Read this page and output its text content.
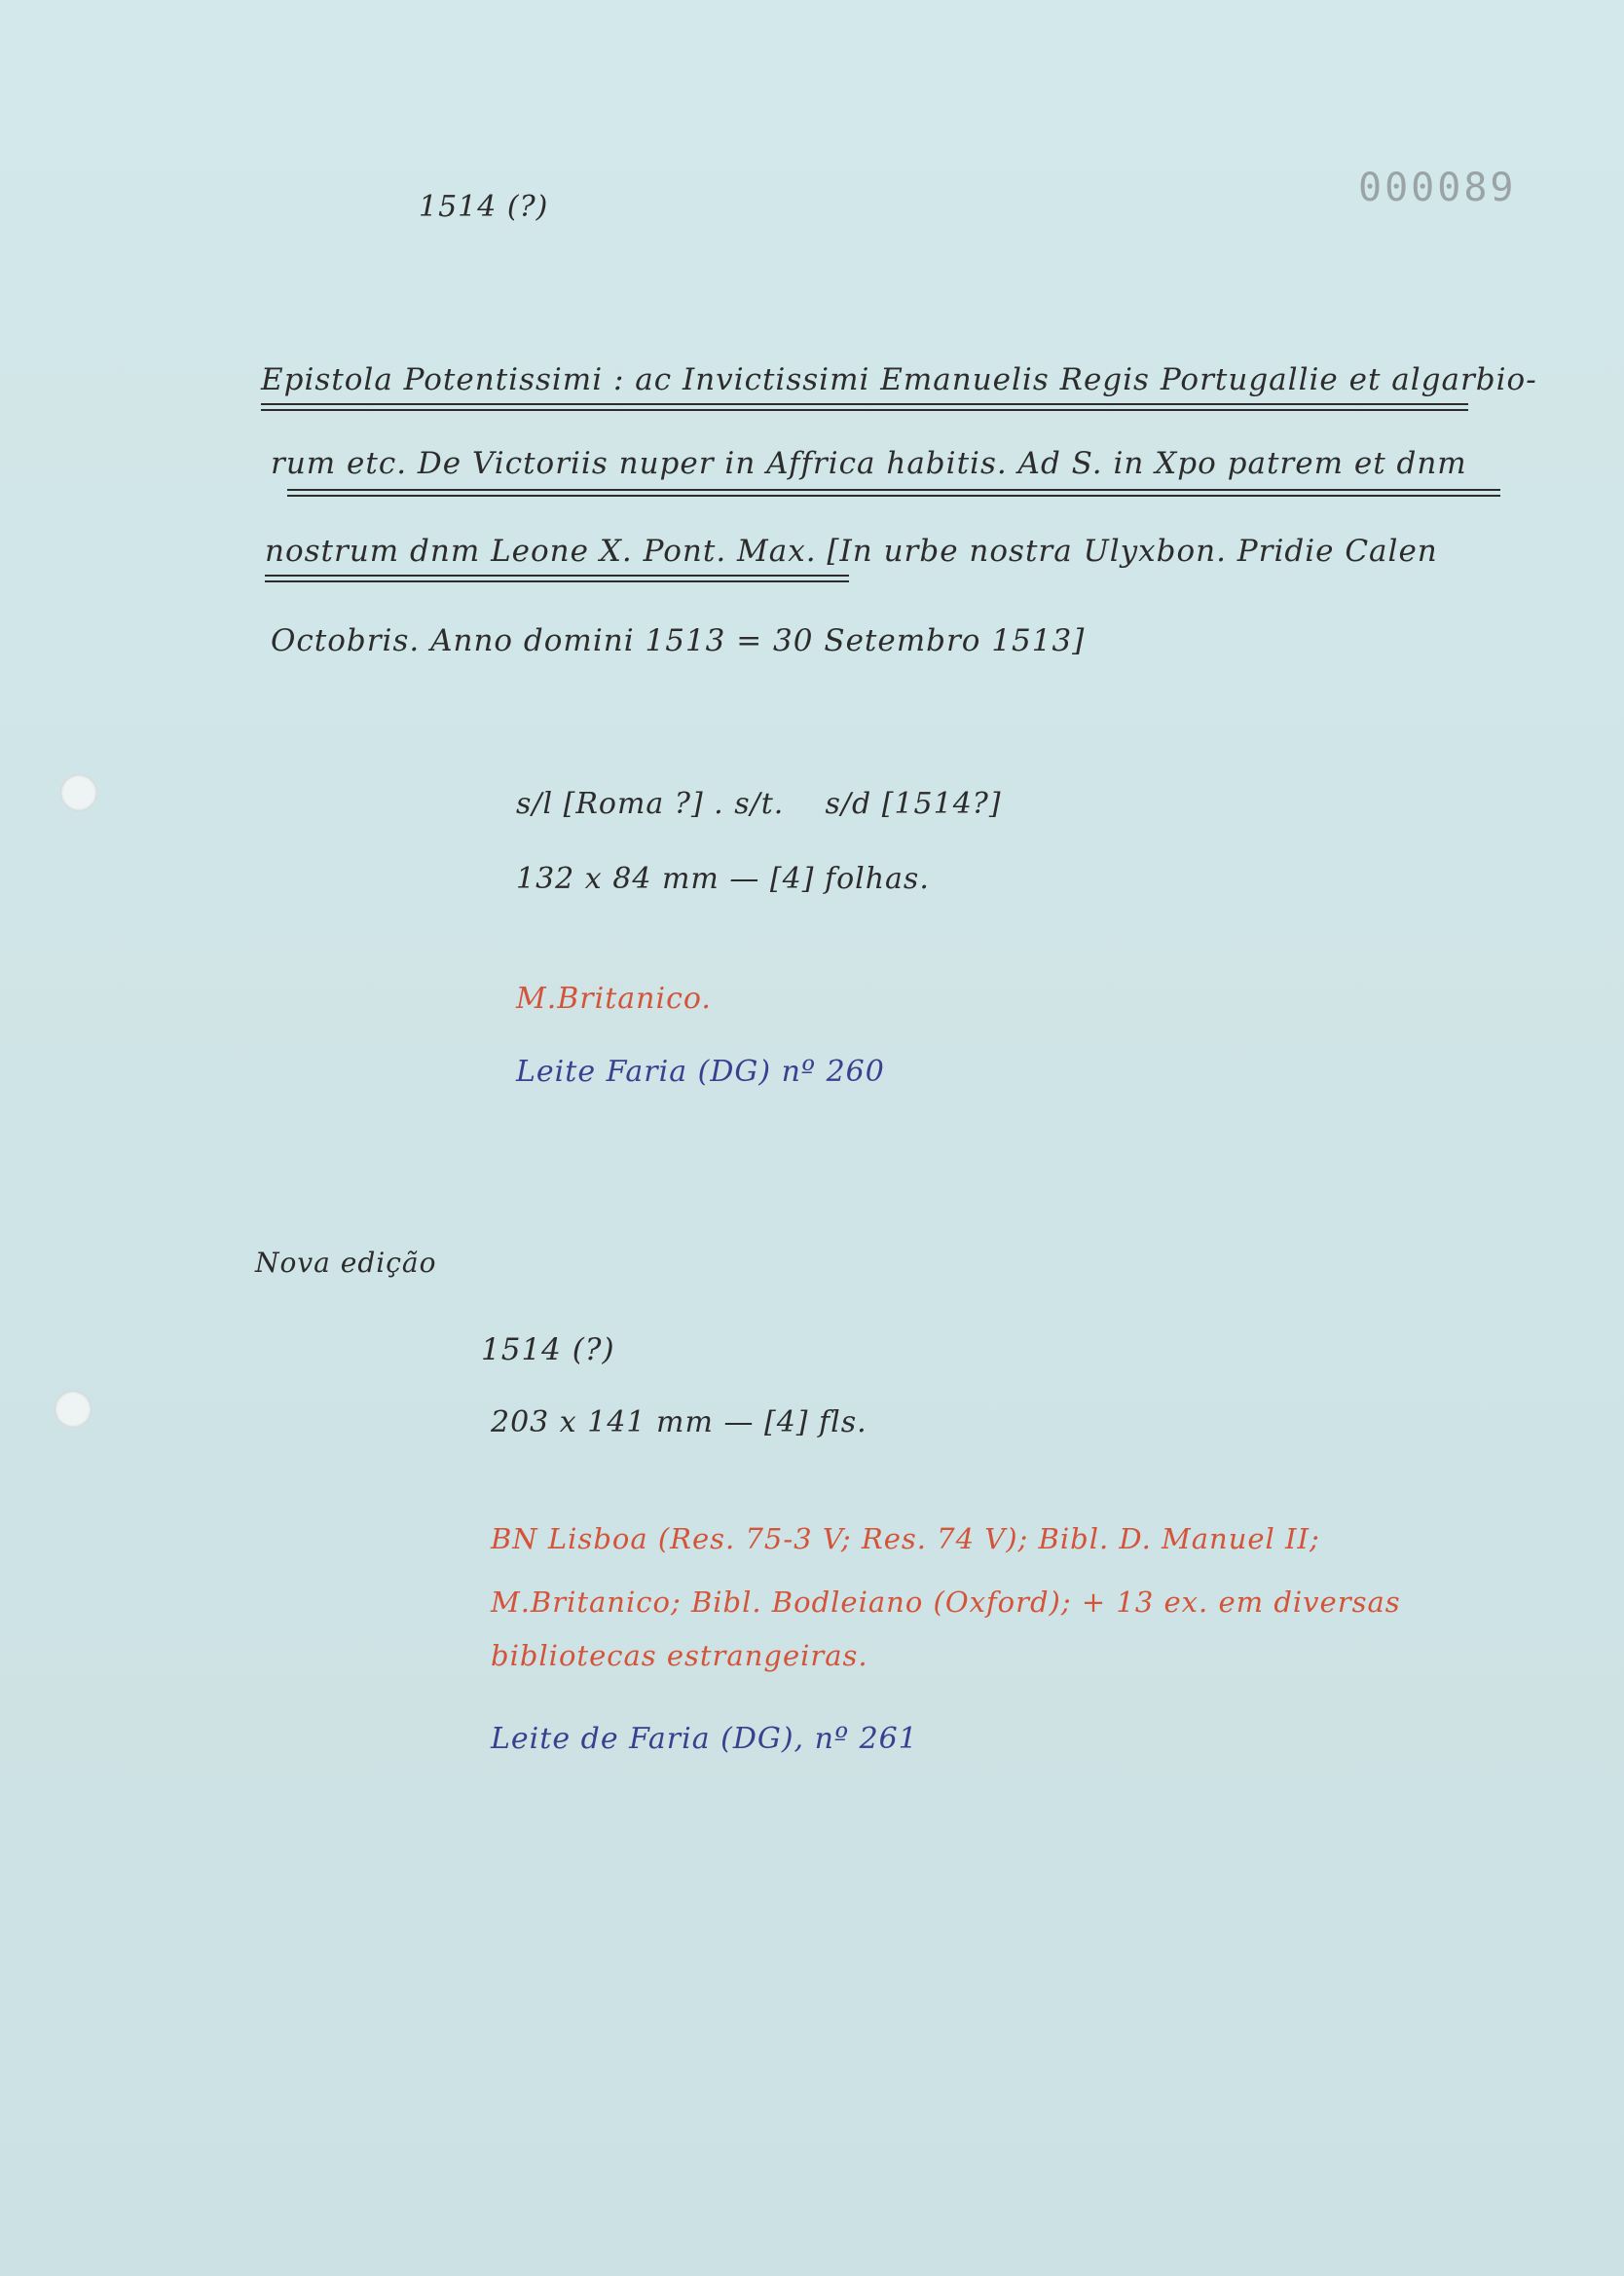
1514 (?)	000089
Epistola Potentissimi : ac Invictissimi Emanuelis Regis Portugallie et algarbio-
rum etc. De Victoriis nuper in Affrica habitis. Ad S. in Xpo patrem et dnm
nostrum dnm Leone X. Pont. Max. [In urbe nostra Ulyxbon. Pridie Calen
Octobris. Anno domini 1513 = 30 Setembro 1513]
s/l [Roma ?] . s/t.    s/d [1514?]
132 x 84 mm — [4] folhas.
M.Britanico.
Leite Faria (DG) nº 260
Nova edição
1514 (?)
203 x 141 mm — [4] fls.
BN Lisboa (Res. 75-3 V; Res. 74 V); Bibl. D. Manuel II;
M.Britanico; Bibl. Bodleiano (Oxford); + 13 ex. em diversas
bibliotecas estrangeiras.
Leite de Faria (DG), nº 261
